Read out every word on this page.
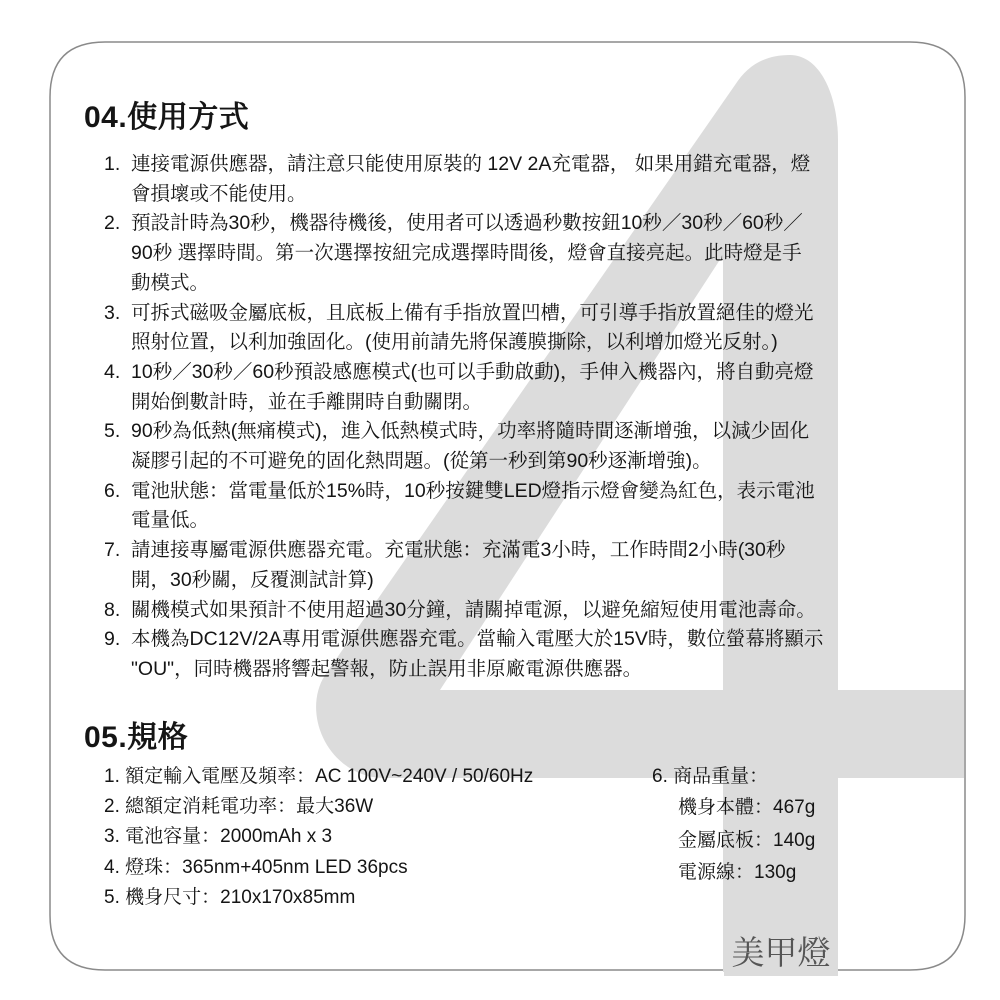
04.使用方式
1. 連接電源供應器，請注意只能使用原裝的 12V 2A充電器， 如果用錯充電器，燈
會損壞或不能使用。
2. 預設計時為30秒，機器待機後，使用者可以透過秒數按鈕10秒／30秒／60秒／
90秒 選擇時間。第一次選擇按紐完成選擇時間後，燈會直接亮起。此時燈是手
動模式。
3. 可拆式磁吸金屬底板，且底板上備有手指放置凹槽，可引導手指放置絕佳的燈光
照射位置，以利加強固化。(使用前請先將保護膜撕除，以利增加燈光反射。)
4. 10秒／30秒／60秒預設感應模式(也可以手動啟動)，手伸入機器內，將自動亮燈
開始倒數計時，並在手離開時自動關閉。
5. 90秒為低熱(無痛模式)，進入低熱模式時，功率將隨時間逐漸增強，以減少固化
凝膠引起的不可避免的固化熱問題。(從第一秒到第90秒逐漸增強)。
6. 電池狀態：當電量低於15%時，10秒按鍵雙LED燈指示燈會變為紅色，表示電池
電量低。
7. 請連接專屬電源供應器充電。充電狀態：充滿電3小時，工作時間2小時(30秒
開，30秒關，反覆測試計算)
8. 關機模式如果預計不使用超過30分鐘，請關掉電源，以避免縮短使用電池壽命。
9. 本機為DC12V/2A專用電源供應器充電。當輸入電壓大於15V時，數位螢幕將顯示
"OU"，同時機器將響起警報，防止誤用非原廠電源供應器。
05.規格
1. 額定輸入電壓及頻率：AC 100V~240V / 50/60Hz
2. 總額定消耗電功率：最大36W
3. 電池容量：2000mAh x 3
4. 燈珠：365nm+405nm LED 36pcs
5. 機身尺寸：210x170x85mm
6. 商品重量：
機身本體：467g
金屬底板：140g
電源線：130g
美甲燈
